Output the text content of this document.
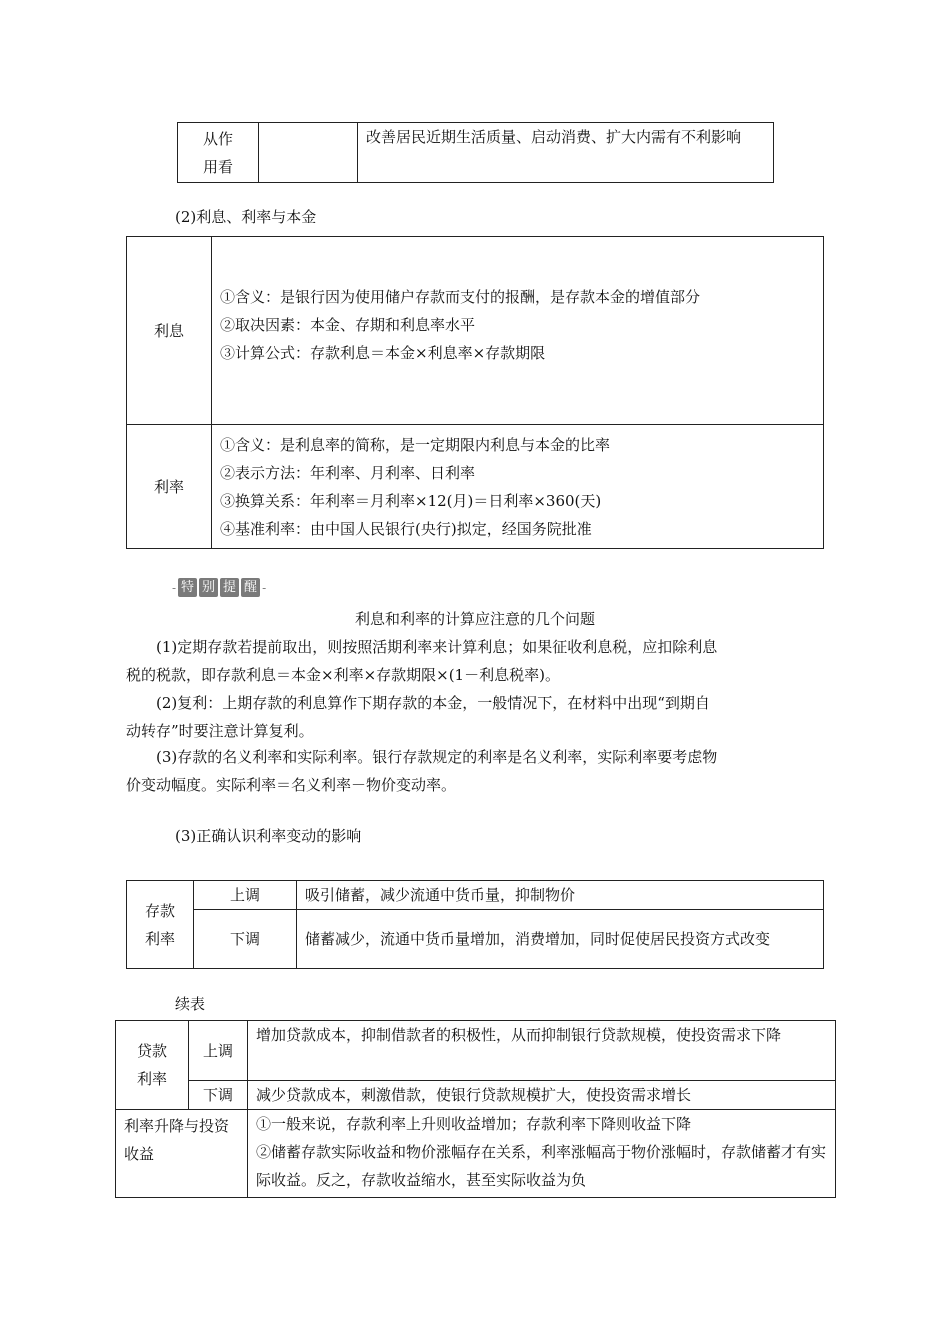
从作
用看		改善居民近期生活质量、启动消费、扩大内需有不利影响
(2)利息、利率与本金
利息	①含义：是银行因为使用储户存款而支付的报酬，是存款本金的增值部分
②取决因素：本金、存期和利息率水平
③计算公式：存款利息＝本金×利息率×存款期限

利率	①含义：是利息率的简称，是一定期限内利息与本金的比率
②表示方法：年利率、月利率、日利率
③换算关系：年利率＝月利率×12(月)＝日利率×360(天)
④基准利率：由中国人民银行(央行)拟定，经国务院批准
- 特 别 提 醒 -
利息和利率的计算应注意的几个问题
(1)定期存款若提前取出，则按照活期利率来计算利息；如果征收利息税，应扣除利息
税的税款，即存款利息＝本金×利率×存款期限×(1－利息税率)。
(2)复利：上期存款的利息算作下期存款的本金，一般情况下，在材料中出现“到期自
动转存”时要注意计算复利。
(3)存款的名义利率和实际利率。银行存款规定的利率是名义利率，实际利率要考虑物
价变动幅度。实际利率＝名义利率－物价变动率。
(3)正确认识利率变动的影响
存款
利率	上调	吸引储蓄，减少流通中货币量，抑制物价
	下调	储蓄减少，流通中货币量增加，消费增加，同时促使居民投资方式改变
续表
贷款
利率	上调	增加贷款成本，抑制借款者的积极性，从而抑制银行贷款规模，使投资需求下降
	下调	减少贷款成本，刺激借款，使银行贷款规模扩大，使投资需求增长
利率升降与投资收益		①一般来说，存款利率上升则收益增加；存款利率下降则收益下降
②储蓄存款实际收益和物价涨幅存在关系，利率涨幅高于物价涨幅时，存款储蓄才有实际收益。反之，存款收益缩水，甚至实际收益为负
